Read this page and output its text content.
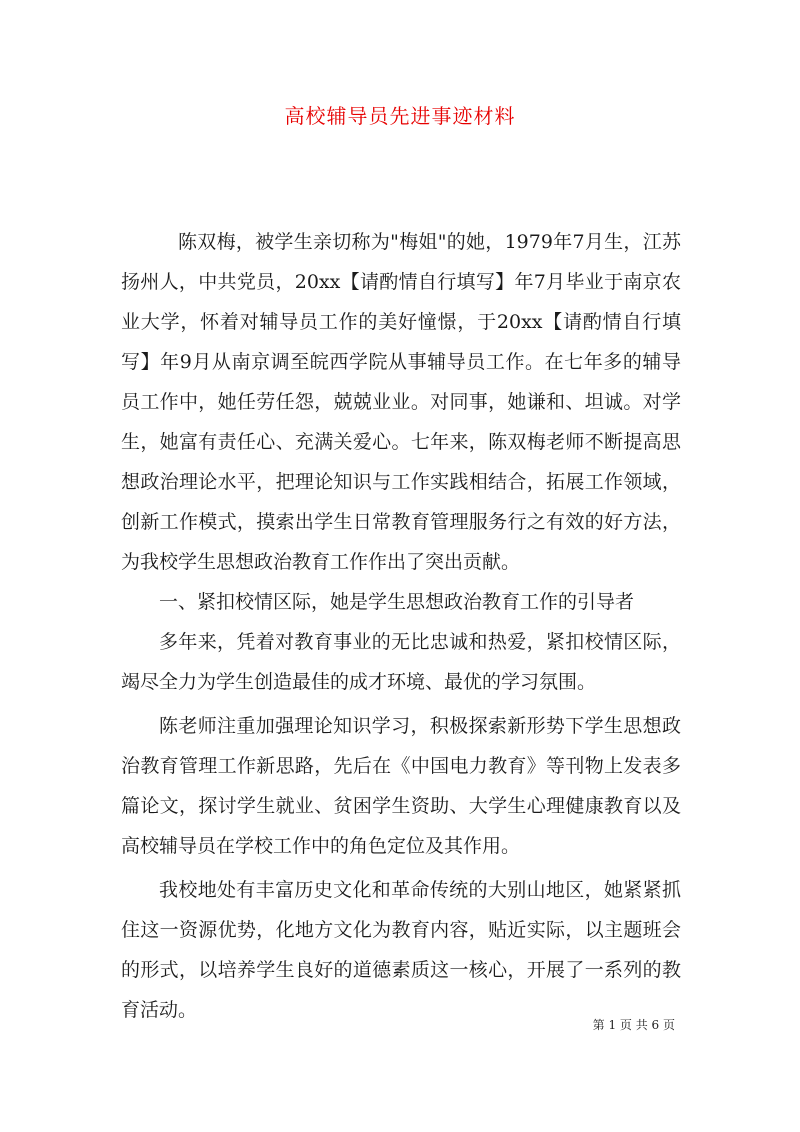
高校辅导员先进事迹材料

陈双梅，被学生亲切称为"梅姐"的她，1979年7月生，江苏扬州人，中共党员，20xx【请酌情自行填写】年7月毕业于南京农业大学，怀着对辅导员工作的美好憧憬，于20xx【请酌情自行填写】年9月从南京调至皖西学院从事辅导员工作。在七年多的辅导员工作中，她任劳任怨，兢兢业业。对同事，她谦和、坦诚。对学生，她富有责任心、充满关爱心。七年来，陈双梅老师不断提高思想政治理论水平，把理论知识与工作实践相结合，拓展工作领域，创新工作模式，摸索出学生日常教育管理服务行之有效的好方法，为我校学生思想政治教育工作作出了突出贡献。

一、紧扣校情区际，她是学生思想政治教育工作的引导者

多年来，凭着对教育事业的无比忠诚和热爱，紧扣校情区际，竭尽全力为学生创造最佳的成才环境、最优的学习氛围。

陈老师注重加强理论知识学习，积极探索新形势下学生思想政治教育管理工作新思路，先后在《中国电力教育》等刊物上发表多篇论文，探讨学生就业、贫困学生资助、大学生心理健康教育以及高校辅导员在学校工作中的角色定位及其作用。

我校地处有丰富历史文化和革命传统的大别山地区，她紧紧抓住这一资源优势，化地方文化为教育内容，贴近实际，以主题班会的形式，以培养学生良好的道德素质这一核心，开展了一系列的教育活动。

第 1 页 共 6 页
